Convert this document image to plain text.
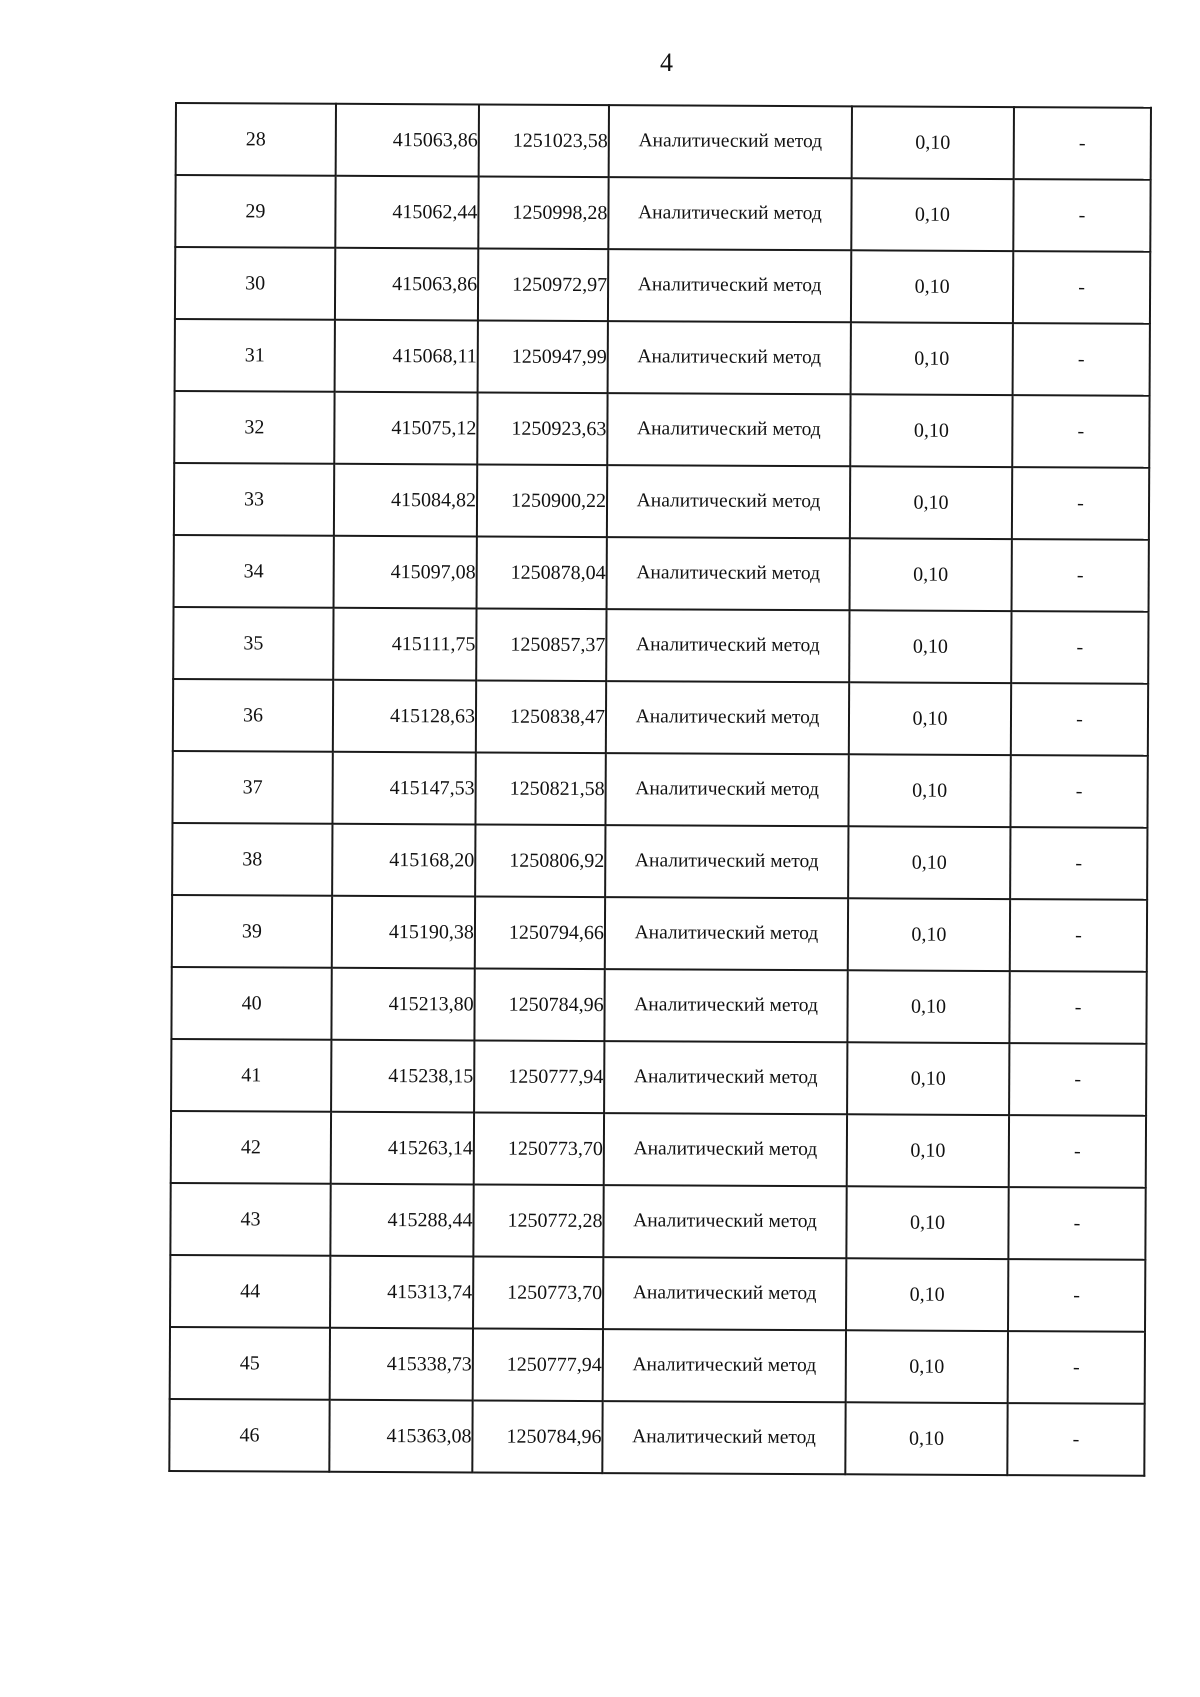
4
28	415063,86	1251023,58	Аналитический метод	0,10	-
29	415062,44	1250998,28	Аналитический метод	0,10	-
30	415063,86	1250972,97	Аналитический метод	0,10	-
31	415068,11	1250947,99	Аналитический метод	0,10	-
32	415075,12	1250923,63	Аналитический метод	0,10	-
33	415084,82	1250900,22	Аналитический метод	0,10	-
34	415097,08	1250878,04	Аналитический метод	0,10	-
35	415111,75	1250857,37	Аналитический метод	0,10	-
36	415128,63	1250838,47	Аналитический метод	0,10	-
37	415147,53	1250821,58	Аналитический метод	0,10	-
38	415168,20	1250806,92	Аналитический метод	0,10	-
39	415190,38	1250794,66	Аналитический метод	0,10	-
40	415213,80	1250784,96	Аналитический метод	0,10	-
41	415238,15	1250777,94	Аналитический метод	0,10	-
42	415263,14	1250773,70	Аналитический метод	0,10	-
43	415288,44	1250772,28	Аналитический метод	0,10	-
44	415313,74	1250773,70	Аналитический метод	0,10	-
45	415338,73	1250777,94	Аналитический метод	0,10	-
46	415363,08	1250784,96	Аналитический метод	0,10	-
